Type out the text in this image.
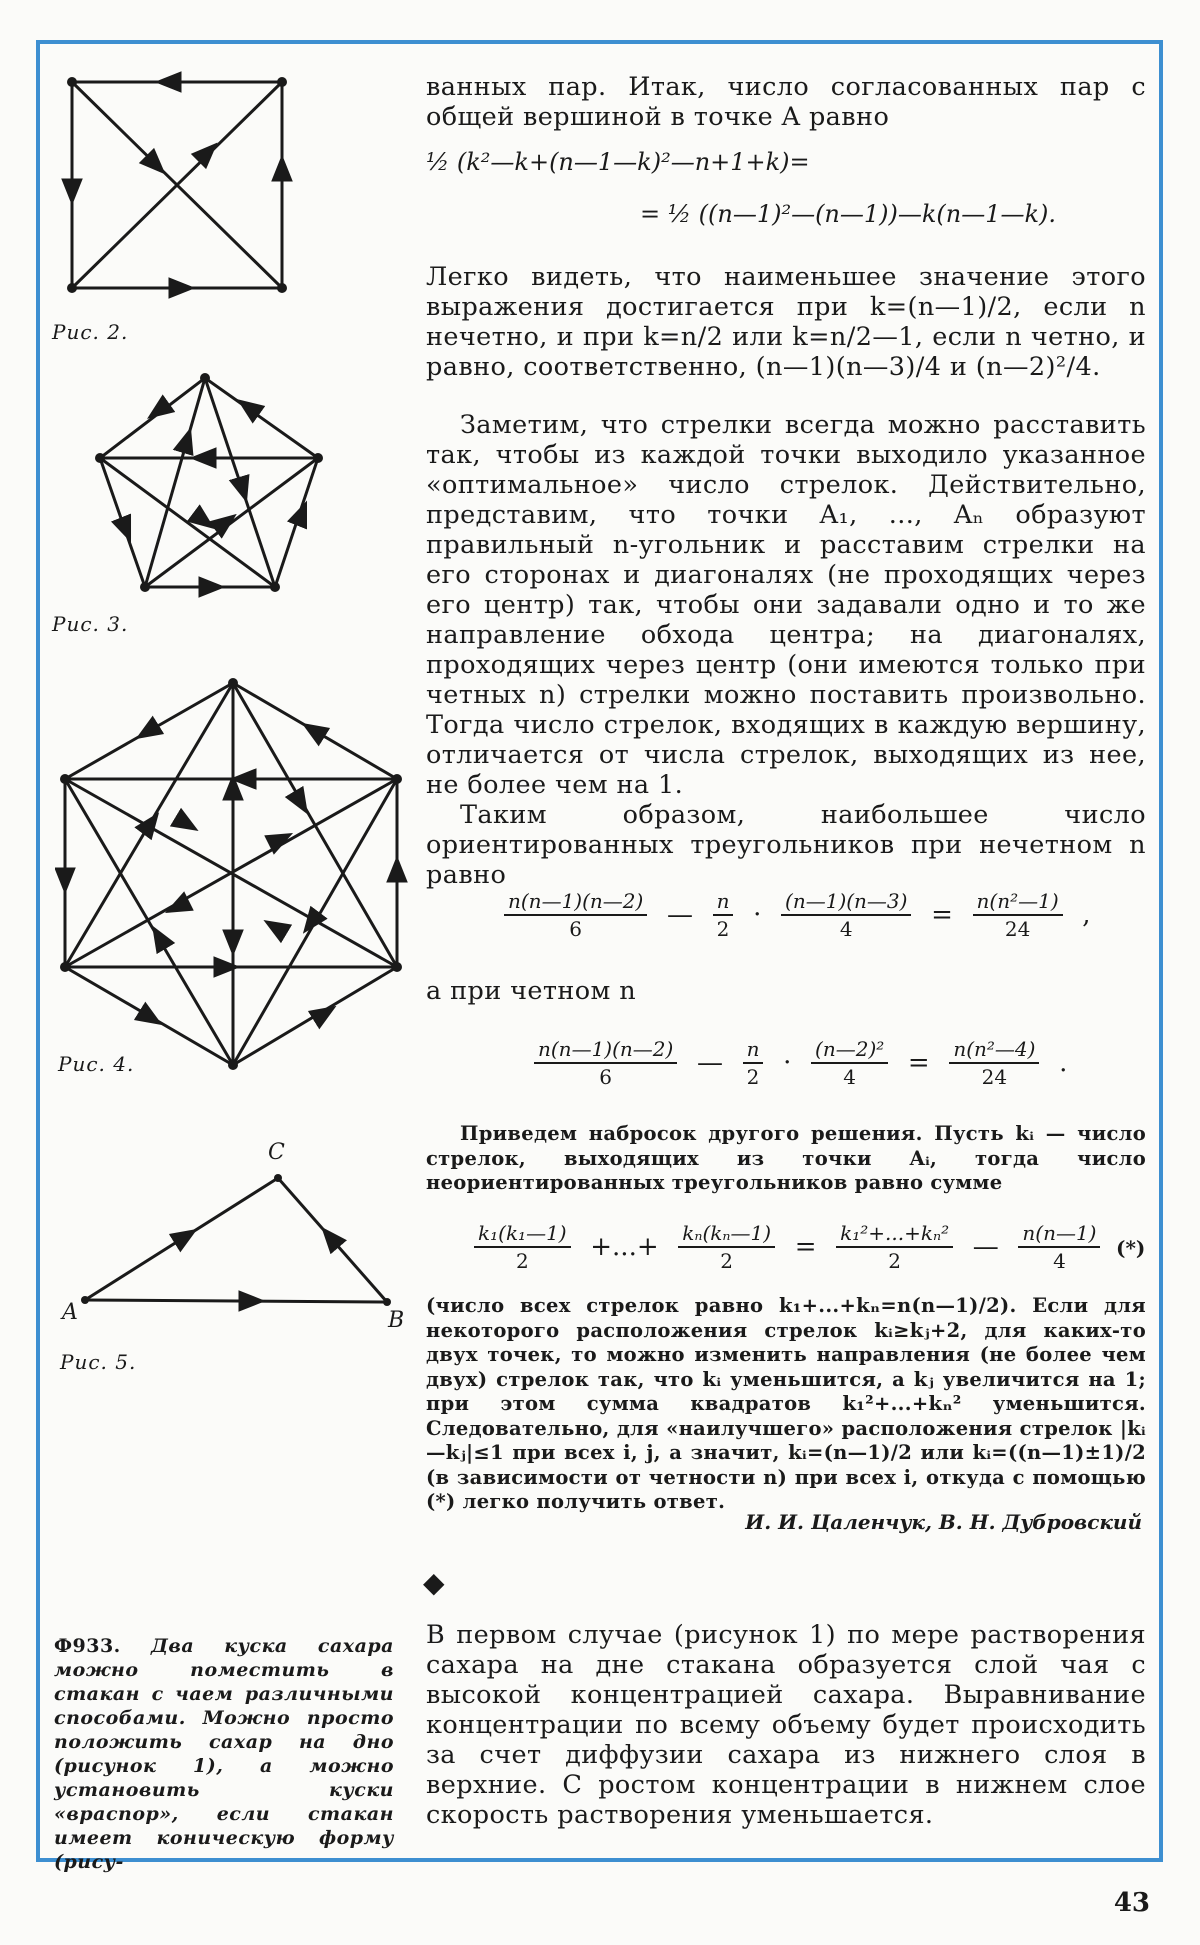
Рис. 2.
Рис. 3.
Рис. 4.
A	B
C
Рис. 5.

ванных пар. Итак, число согласованных пар с общей вершиной в точке A равно

½ (k²—k+(n—1—k)²—n+1+k)=
= ½ ((n—1)²—(n—1))—k(n—1—k).

Легко видеть, что наименьшее значение этого выражения достигается при k=(n—1)/2, если n нечетно, и при k=n/2 или k=n/2—1, если n четно, и равно, соответственно, (n—1)(n—3)/4 и (n—2)²/4.

Заметим, что стрелки всегда можно расставить так, чтобы из каждой точки выходило указанное «оптимальное» число стрелок. Действительно, представим, что точки A₁, ..., Aₙ образуют правильный n-угольник и расставим стрелки на его сторонах и диагоналях (не проходящих через его центр) так, чтобы они задавали одно и то же направление обхода центра; на диагоналях, проходящих через центр (они имеются только при четных n) стрелки можно поставить произвольно. Тогда число стрелок, входящих в каждую вершину, отличается от числа стрелок, выходящих из нее, не более чем на 1.

Таким образом, наибольшее число ориентированных треугольников при нечетном n равно

$\frac{n(n—1)(n—2)}{6}$ — $\frac{n}{2} \cdot \frac{(n—1)(n—3)}{4} = \frac{\text{n(n²—1)}}{24}$ ,

а при четном n

$\frac{n(n—1)(n—2)}{6}$ — $\frac{n}{2} \cdot \frac{\text{(n—2)²}}{4} = \frac{\text{n(n²—4)}}{24}$ .

Приведем набросок другого решения. Пусть kᵢ — число стрелок, выходящих из точки Aᵢ, тогда число неориентированных треугольников равно сумме

$\frac{\text{k₁(k₁—1)}}{2}$ +...+ $\frac{\text{kₙ(kₙ—1)}}{2} = \frac{\text{k₁²+...+kₙ²}}{2}$ — $\frac{n(n—1)}{4}$ (*)

(число всех стрелок равно k₁+...+kₙ=n(n—1)/2). Если для некоторого расположения стрелок kᵢ≥kⱼ+2, для каких-то двух точек, то можно изменить направления (не более чем двух) стрелок так, что kᵢ уменьшится, а kⱼ увеличится на 1; при этом сумма квадратов k₁²+...+kₙ² уменьшится. Следовательно, для «наилучшего» расположения стрелок |kᵢ—kⱼ|≤1 при всех i, j, а значит, kᵢ=(n—1)/2 или kᵢ=((n—1)±1)/2 (в зависимости от четности n) при всех i, откуда с помощью (*) легко получить ответ.

И. И. Цаленчук, В. Н. Дубровский
◆
Ф933. Два куска сахара можно поместить в стакан с чаем различными способами. Можно просто положить сахар на дно (рисунок 1), а можно установить куски «враспор», если стакан имеет коническую форму (рису-

В первом случае (рисунок 1) по мере растворения сахара на дне стакана образуется слой чая с высокой концентрацией сахара. Выравнивание концентрации по всему объему будет происходить за счет диффузии сахара из нижнего слоя в верхние. С ростом концентрации в нижнем слое скорость растворения уменьшается.

43
